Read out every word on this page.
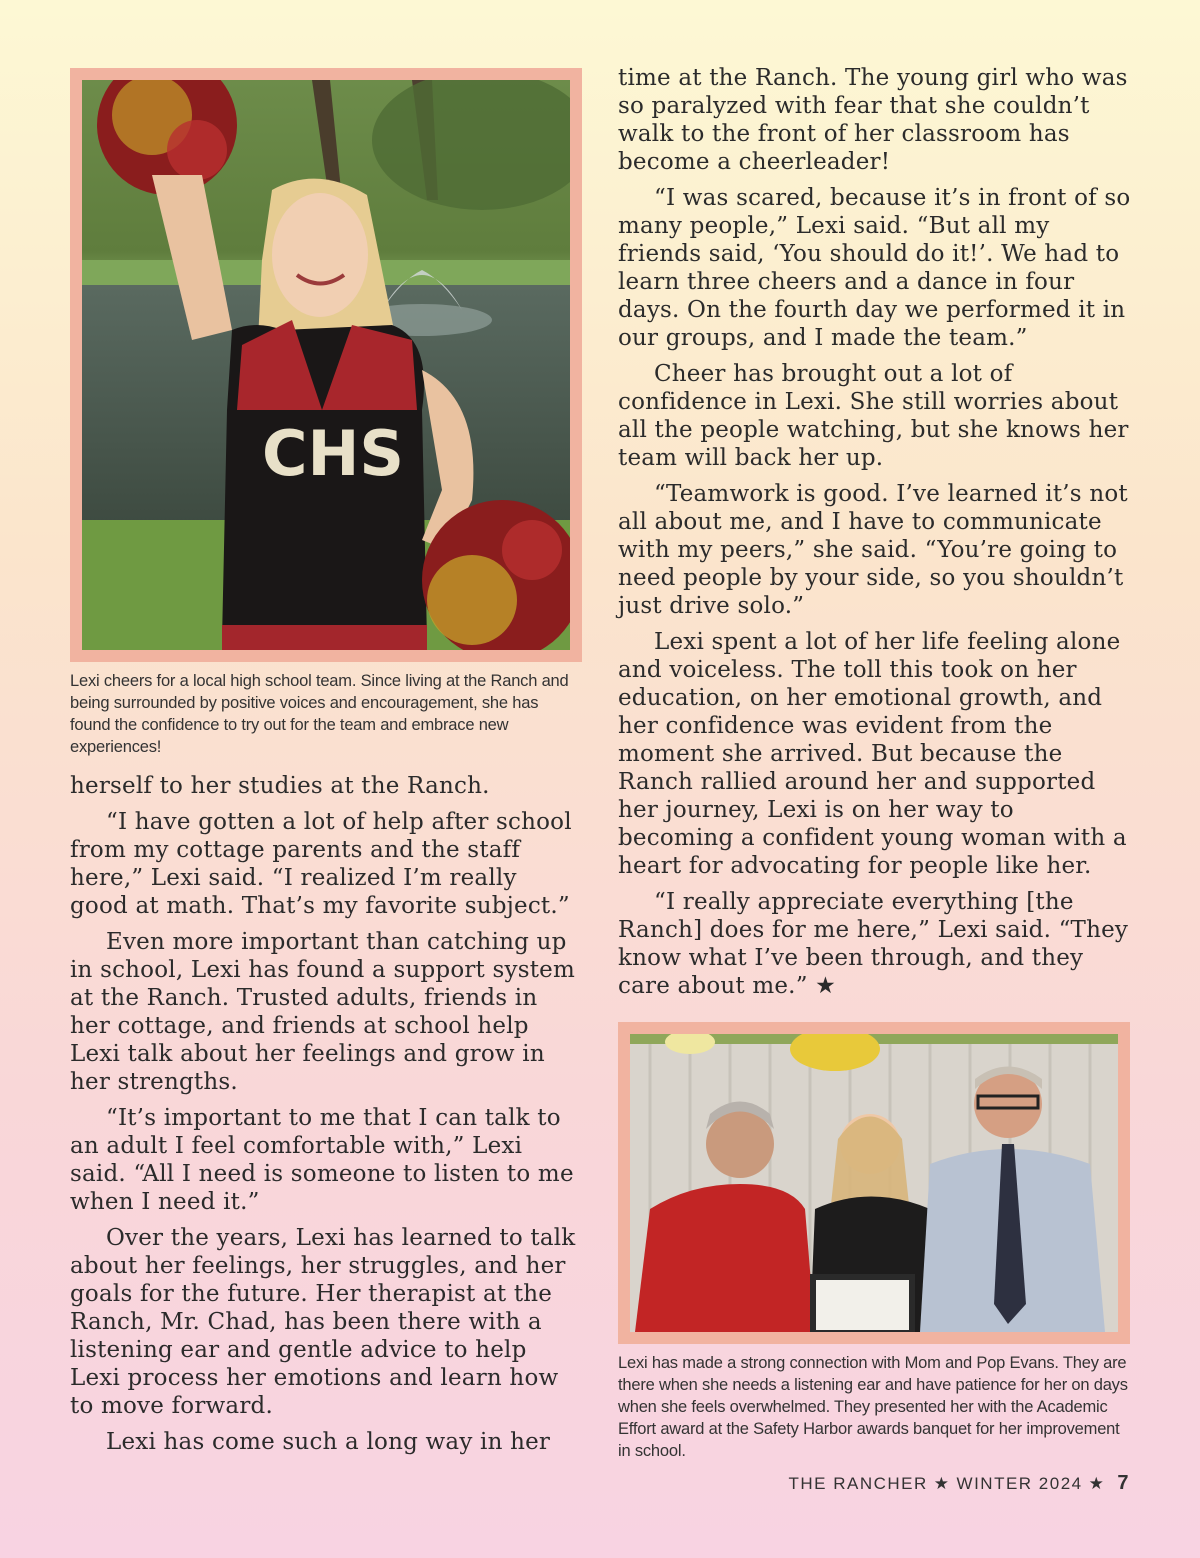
CHS
Lexi cheers for a local high school team. Since living at the Ranch and being surrounded by positive voices and encouragement, she has found the confidence to try out for the team and embrace new experiences!

herself to her studies at the Ranch.

“I have gotten a lot of help after school from my cottage parents and the staff here,” Lexi said. “I realized I’m really good at math. That’s my favorite subject.”

Even more important than catching up in school, Lexi has found a support system at the Ranch. Trusted adults, friends in her cottage, and friends at school help Lexi talk about her feelings and grow in her strengths.

“It’s important to me that I can talk to an adult I feel comfortable with,” Lexi said. “All I need is someone to listen to me when I need it.”

Over the years, Lexi has learned to talk about her feelings, her struggles, and her goals for the future. Her therapist at the Ranch, Mr. Chad, has been there with a listening ear and gentle advice to help Lexi process her emotions and learn how to move forward.

Lexi has come such a long way in her

time at the Ranch. The young girl who was so paralyzed with fear that she couldn’t walk to the front of her classroom has become a cheerleader!

“I was scared, because it’s in front of so many people,” Lexi said. “But all my friends said, ‘You should do it!’. We had to learn three cheers and a dance in four days. On the fourth day we performed it in our groups, and I made the team.”

Cheer has brought out a lot of confidence in Lexi. She still worries about all the people watching, but she knows her team will back her up.

“Teamwork is good. I’ve learned it’s not all about me, and I have to communicate with my peers,” she said. “You’re going to need people by your side, so you shouldn’t just drive solo.”

Lexi spent a lot of her life feeling alone and voiceless. The toll this took on her education, on her emotional growth, and her confidence was evident from the moment she arrived. But because the Ranch rallied around her and supported her journey, Lexi is on her way to becoming a confident young woman with a heart for advocating for people like her.

“I really appreciate everything [the Ranch] does for me here,” Lexi said. “They know what I’ve been through, and they care about me.” ★

Lexi has made a strong connection with Mom and Pop Evans. They are there when she needs a listening ear and have patience for her on days when she feels overwhelmed. They presented her with the Academic Effort award at the Safety Harbor awards banquet for her improvement in school.
THE RANCHER ★ WINTER 2024 ★ 7
